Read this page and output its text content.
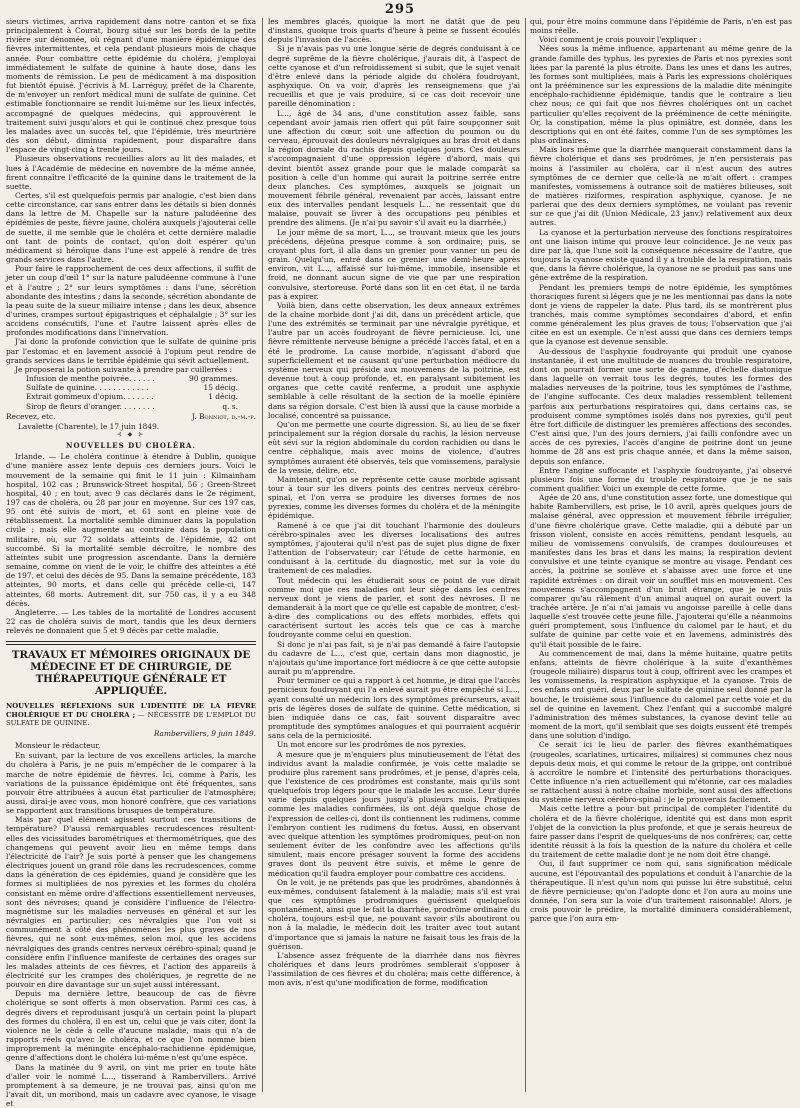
295

sieurs victimes, arriva rapidement dans notre canton et se fixa principalement à Courat, bourg situé sur les bords de la petite rivière sur dénomée, où régnant d'une manière épidémique des fièvres intermittentes, et cela pendant plusieurs mois de chaque année. Pour combattre cette épidémie du choléra, j'employai immédiatement le sulfate de quinine à haute dose, dans les moments de rémission. Le peu de médicament à ma disposition fut bientôt épuisé. J'écrivis à M. Larréguy, préfet de la Charente, de m'envoyer un renfort médical muni de sulfate de quinine. Cet estimable fonctionnaire se rendit lui-même sur les lieux infectés, accompagné de quelques médecins, qui approuvèrent le traitement suivi jusqu'alors et qui le continué chez presque tous les malades avec un succès tel, que l'épidémie, très meurtrière dès son début, diminua rapidement, pour disparaître dans l'espace de vingt-cinq à trente jours.

Plusieurs observations recueillies alors au lit des malades, et lues à l'Académie de médecine en novembre de la même année, firent connaître l'efficacité de la quinine dans le traitement de la suette.

Certes, s'il est quelquefois permis par analogie, c'est bien dans cette circonstance, car sans entrer dans les détails si bien donnés dans la lettre de M. Chapelle sur la nature paludéenne des épidémies de peste, fièvre jaune, choléra auxquels j'ajouterai celle de suette, il me semble que le choléra et cette dernière maladie ont tant de points de contact, qu'on doit espérer qu'un médicament si héroïque dans l'une est appelé à rendre de très grands services dans l'autre.

Pour faire le rapprochement de ces deux affections, il suffit de jeter un coup d'œil 1° sur la nature paludéenne commune à l'une et à l'autre ; 2° sur leurs symptômes : dans l'une, sécrétion abondante des intestins ; dans la seconde, sécrétion abondante de la peau suite de la sueur miliaire intense ; dans les deux, absence d'urines, crampes surtout épigastriques et céphalalgie ; 3° sur les accidens consécutifs, l'une et l'autre laissent après elles de profondes modifications dans l'innervation.

J'ai donc la profonde conviction que le sulfate de quinine pris par l'estomac et en lavement associé à l'opium peut rendre de grands services dans le terrible épidémie qui sévit actuellement.

Je proposerai la potion suivante à prendre par cuillerées :

Infusion de menthe poivrée. . . . . .	90 grammes.
Sulfate de quinine. . . . . . . . . . . .	15 décig.
Extrait gommeux d'opium. . . . . . .	1 décig.
Sirop de fleurs d'oranger. . . . . . . .	q. s.
Recevez, etc.	J. Bonniot, d.-m.-p.
Lavalette (Charente), le 17 juin 1849.
⊰ ◆ ⊱
NOUVELLES DU CHOLÉRA.

Irlande. — Le choléra continue à étendre à Dublin, quoique d'une manière assez lente depuis ces derniers jours. Voici le mouvement de la semaine qui finit le 11 juin : Kilmainham hospital, 102 cas ; Brunswick-Street hospital, 56 ; Green-Street hospital, 40 ; en tout, avec 9 cas déclarés dans le 2e régiment, 197 cas de choléra, ou 28 par jour en moyenne. Sur ces 197 cas, 95 ont été suivis de mort, et 61 sont en pleine voie de rétablissement. La mortalité semble diminuer dans la population civile ; mais elle augmente au contraire dans la population militaire, où, sur 72 soldats atteints de l'épidémie, 42 ont succombé. Si la mortalité semble décroître, le nombre des atteintes subit une progression ascendante. Dans la dernière semaine, comme on vient de le voir, le chiffre des atteintes a été de 197, et celui des décès de 95. Dans la semaine précédente, 183 atteintes, 90 morts, et dans celle qui précède celle-ci, 147 atteintes, 68 morts. Autrement dit, sur 750 cas, il y a eu 348 décès.

Angleterre. — Les tables de la mortalité de Londres accusent 22 cas de choléra suivis de mort, tandis que les deux derniers relevés ne donnaient que 5 et 9 décès par cette maladie.

TRAVAUX ET MÉMOIRES ORIGINAUX DE MÉDECINE ET DE CHIRURGIE, DE THÉRAPEUTIQUE GÉNÉRALE ET APPLIQUÉE.
NOUVELLES RÉFLEXIONS SUR L'IDENTITÉ DE LA FIÈVRE CHOLÉRIQUE ET DU CHOLÉRA ; — NÉCESSITÉ DE L'EMPLOI DU SULFATE DE QUININE.
Rambervillers, 9 juin 1849.

Monsieur le rédacteur,

En suivant, par la lecture de vos excellens articles, la marche du choléra à Paris, je ne puis m'empêcher de le comparer à la marche de notre épidémie de fièvres. Ici, comme à Paris, les variations de la puissance épidémique ont été fréquentes, sans pouvoir être attribuées à aucun état particulier de l'atmosphère; aussi, dirai-je avec vous, mon honoré confrère, que ces variations se rapportent aux transitions brusques de température.

Mais par quel élément agissent surtout ces transitions de température? D'aussi remarquables recrudescences résultent-elles des vicissitudes barométriques et thermométriques, que des changemens qui peuvent avoir lieu en même temps dans l'électricité de l'air? Je suis porté à penser que les changemens électriques jouent un grand rôle dans les recrudescences, comme dans la génération de ces épidémies, quand je considère que les formes si multipliées de nos pyrexies et les formes du choléra consistant en même ordre d'affections essentiellement nerveuses, sont des névroses; quand je considère l'influence de l'électro-magnétisme sur les maladies nerveuses en général et sur les névralgies en particulier; ces névralgies que l'on voit si communément à côté des phénomènes les plus graves de nos fièvres, qui ne sont eux-mêmes, selon moi, que les accidens névralgiques des grands centres nerveux cérébro-spinal; quand je considère enfin l'influence manifeste de certaines des orages sur les malades atteints de ces fièvres, et l'action des appareils à électricité sur les crampes des cholériques, je regrette de ne pouvoir en dire davantage sur un sujet aussi intéressant.

Depuis ma dernière lettre, beaucoup de cas de fièvre cholérique se sont offerts à mon observation. Parmi ces cas, à degrés divers et reproduisant jusqu'à un certain point la plupart des formes du choléra, il en est un, celui que je vais citer, dont la violence ne le cède à celle d'aucune maladie, mais qui n'a de rapports réels qu'avec le choléra, et ce que l'on nomme bien improprement la méningite encéphalo-rachidienne épidémique, genre d'affections dont le choléra lui-même n'est qu'une espèce.

Dans la matinée du 9 avril, on vint me prier en toute hâte d'aller voir le nommé L..., tisserand à Rambervillers. Arrivé promptement à sa demeure, je ne trouvai pas, ainsi qu'on me l'avait dit, un moribond, mais un cadavre avec cyanose, le visage et

les membres glacés, quoique la mort ne datât que de peu d'instans, quoique trois quarts d'heure à peine se fussent écoulés depuis l'invasion de l'accès.

Si je n'avais pas vu une longue série de degrés conduisant à ce degré suprême de la fièvre cholérique, j'aurais dit, à l'aspect de cette cyanose et d'un refroidissement si subit, que le sujet venait d'être enlevé dans la période algide du choléra foudroyant, asphyxique. On va voir, d'après les renseignemens que j'ai recueillis et que je vais produire, si ce cas doit recevoir une pareille dénomination :

L..., âgé de 34 ans, d'une constitution assez faible, sans cependant avoir jamais rien offert qui pût faire soupçonner soit une affection du cœur, soit une affection du poumon ou du cerveau, éprouvait des douleurs névralgiques au bras droit et dans la région dorsale du rachis depuis quelques jours. Ces douleurs s'accompagnaient d'une oppression légère d'abord, mais qui devint bientôt assez grande pour que le malade comparât sa position à celle d'un homme qui aurait la poitrine serrée entre deux planches. Ces symptômes, auxquels se joignait un mouvement fébrile général, revenaient par accès, laissant entre eux des intervalles pendant lesquels L... ne ressentait que du malaise, pouvait se livrer à des occupations peu pénibles et prendre des alimens. (Je n'ai pu savoir s'il avait eu la diarrhée.)

Le jour même de sa mort, L..., se trouvant mieux que les jours précédens, déjeûna presque comme à son ordinaire; puis, se croyant plus fort, il alla dans un grenier pour vanner un peu de grain. Quelqu'un, entré dans ce grenier une demi-heure après environ, vit L..., affaissé sur lui-même, immobile, insensible et froid, ne donnant aucun signe de vie que par une respiration convulsive, stertoreuse. Porté dans son lit en cet état, il ne tarda pas à expirer.

Voilà bien, dans cette observation, les deux anneaux extrêmes de la chaîne morbide dont j'ai dit, dans un précédent article, que l'une des extrémités se terminait par une névralgie pyrétique, et l'autre par un accès foudroyant de fièvre pernicieuse. Ici, une fièvre rémittente nerveuse bénigne a précédé l'accès fatal, et en a été le prodrome. La cause morbide, n'agissant d'abord que superficiellement et ne causant qu'une perturbation médiocre du système nerveux qui préside aux mouvemens de la poitrine, est devenue tout à coup profonde, et, en paralysant subitement les organes que cette cavité renferme, a produit une asphyxie semblable à celle résultant de la section de la moelle épinière dans sa région dorsale. C'est bien là aussi que la cause morbide a localisé, concentré sa puissance.

Qu'on me permette une courte digression. Si, au lieu de se fixer principalement sur la région dorsale du rachis, la lésion nerveuse eût sévi sur la région abdominale du cordon rachidien ou dans le centre céphalique, mais avec moins de violence, d'autres symptômes auraient été observés, tels que vomissemens, paralysie de la vessie, délire, etc.

Maintenant, qu'on se représente cette cause morbide agissant tour à tour sur les divers points des centres nerveux cérébro-spinal, et l'on verra se produire les diverses formes de nos pyrexies, comme les diverses formes du choléra et de la méningite épidémique.

Ramené à ce que j'ai dit touchant l'harmonie des douleurs cérébro-spinales avec les diverses localisations des autres symptômes, j'ajouterai qu'il n'est pas de sujet plus digne de fixer l'attention de l'observateur; car l'étude de cette harmonie, en conduisant à la certitude du diagnostic, met sur la voie du traitement de ces maladies.

Tout médecin qui les étudierait sous ce point de vue dirait comme moi que ces maladies ont leur siège dans les centres nerveux dont je viens de parler, et sont des névroses. Il ne demanderait à la mort que ce qu'elle est capable de montrer, c'est-à-dire des complications ou des effets morbides, effets qui caractérisent surtout les accès tels que ce cas à marche foudroyante comme celui en question.

Si donc je n'ai pas fait, si je n'ai pas demandé à faire l'autopsie du cadavre de L..., c'est que, certain dans mon diagnostic, je n'ajoutais qu'une importance fort médiocre à ce que cette autopsie aurait pu m'apprendre.

Pour terminer ce qui a rapport à cet homme, je dirai que l'accès pernicieux foudroyant qui l'a enlevé aurait pu être empêché si L..., ayant consulté un médecin lors des symptômes précurseurs, avait pris de légères doses de sulfate de quinine. Cette médication, si bien indiquée dans ce cas, fait souvent disparaître avec promptitude des symptômes analogues et qui pourraient acquérir sans cela de la perniciosité.

Un mot encore sur les prodrômes de nos pyrexies.

A mesure que je m'enquiers plus minutieusement de l'état des individus avant la maladie confirmée, je vois cette maladie se produire plus rarement sans prodrômes, et je pense, d'après cela, que l'existence de ces prodrômes est constante, mais qu'ils sont quelquefois trop légers pour que le malade les accuse. Leur durée varie depuis quelques jours jusqu'à plusieurs mois. Pratiques comme les maladies confirmées, ils ont déjà quelque chose de l'expression de celles-ci, dont ils contiennent les rudimens, comme l'embryon contient les rudimens du fœtus. Aussi, en observant avec quelque attention les symptômes prodromiques, peut-on non seulement éviter de les confondre avec les affections qu'ils simulent, mais encore présager souvent la forme des accidens graves dont ils peuvent être suivis, et même le genre de médication qu'il faudra employer pour combattre ces accidens.

On le voit, je ne prétends pas que les prodrômes, abandonnés à eux-mêmes, conduisent fatalement à la maladie; mais s'il est vrai que ces symptômes prodromiques guérissent quelquefois spontanément, ainsi que le fait la diarrhée, prodrôme ordinaire du choléra, toujours est-il que, ne pouvant savoir s'ils aboutiront ou non à la maladie, le médecin doit les traiter avec tout autant d'importance que si jamais la nature ne faisait tous les frais de la guérison.

L'absence assez fréquente de la diarrhée dans nos fièvres cholériques et dans leurs prodrômes semblerait s'opposer à l'assimilation de ces fièvres et du choléra; mais cette différence, à mon avis, n'est qu'une modification de forme, modification

qui, pour être moins commune dans l'épidémie de Paris, n'en est pas moins réelle.

Voici comment je crois pouvoir l'expliquer :

Nées sous la même influence, appartenant au même genre de la grande famille des typhus, les pyrexies de Paris et nos pyrexies sont liées par la parenté la plus étroite. Dans les unes et dans les autres, les formes sont multipliées, mais à Paris les expressions cholériques ont la prééminence sur les expressions de la maladie dite méningite encéphalo-rachidienne épidémique, tandis que le contraire a lieu chez nous; ce qui fait que nos fièvres cholériques ont un cachet particulier qu'elles reçoivent de la prééminence de cette méningite. Or, la constipation, même la plus opiniâtre, est donnée, dans les descriptions qui en ont été faites, comme l'un de ses symptômes les plus ordinaires.

Mais lors même que la diarrhée manquerait constamment dans la fièvre cholérique et dans ses prodrômes, je n'en persisterais pas moins à l'assimiler au choléra, car il n'est aucun des autres symptômes de ce dernier que celle-là ne m'ait offert : crampes manifestes, vomissemens à outrance soit de matières bilieuses, soit de matières riziformes, respiration asphyxique, cyanose. Je ne parlerai que des deux derniers symptômes, ne voulant pas revenir sur ce que j'ai dit (Union Médicale, 23 janv.) relativement aux deux autres.

La cyanose et la perturbation nerveuse des fonctions respiratoires ont une liaison intime qui prouve leur coïncidence. Je ne veux pas dire par là, que l'une soit la conséquence nécessaire de l'autre, que toujours la cyanose existe quand il y a trouble de la respiration, mais que, dans la fièvre cholérique, la cyanose ne se produit pas sans une gêne extrême de la respiration.

Pendant les premiers temps de notre épidémie, les symptômes thoraciques furent si légers que je ne les mentionnai pas dans la note dont je viens de rappeler la date. Plus tard, ils se montrèrent plus tranchés, mais comme symptômes secondaires d'abord, et enfin comme généralement les plus graves de tous; l'observation que j'ai citée en est un exemple. Ce n'est aussi que dans ces derniers temps que la cyanose est devenue sensible.

Au-dessous de l'asphyxie foudroyante qui produit une cyanose instantanée, il est une multitude de nuances du trouble respiratoire, dont on pourrait former une sorte de gamme, d'échelle diatonique dans laquelle on verrait tous les degrés, toutes les formes des maladies nerveuses de la poitrine, tous les symptômes de l'asthme, de l'angine suffocante. Ces deux maladies ressemblent tellement parfois aux perturbations respiratoires qui, dans certains cas, se produisent comme symptômes isolés dans nos pyrexies, qu'il peut être fort difficile de distinguer les premières affections des secondes. C'est ainsi que, l'un des jours derniers, j'ai failli confondre avec un accès de ces pyrexies, l'accès d'angine de poitrine dont un jeune homme de 28 ans est pris chaque année, et dans la même saison, depuis son enfance.

Entre l'angine suffocante et l'asphyxie foudroyante, j'ai observé plusieurs fois une forme du trouble respiratoire que je ne sais comment qualifier. Voici un exemple de cette forme.

Agée de 20 ans, d'une constitution assez forte, une domestique qui habite Rambervillers, est prise, le 10 avril, après quelques jours de malaise général, avec oppression et mouvement fébrile irrégulier, d'une fièvre cholérique grave. Cette maladie, qui a débuté par un frisson violent, consiste en accès rémittens, pendant lesquels, au milieu de vomissemens convulsifs, de crampes douloureuses et manifestes dans les bras et dans les mains; la respiration devient convulsive et une teinte cyanique se montre au visage. Pendant ces accès, la poitrine se soulève et s'abaisse avec une force et une rapidité extrêmes : on dirait voir un soufflet mis en mouvement. Ces mouvemens s'accompagnent d'un bruit étrange, que je ne puis comparer qu'au râlement d'un animal auquel on aurait ouvert la trachée artère. Je n'ai n'ai jamais vu angoisse pareille à celle dans laquelle s'est trouvée cette jeune fille. J'ajouterai qu'elle a néanmoins guéri promptement, sous l'influence du calomel par le haut, et du sulfate de quinine par cette voie et en lavemens, administrés dès qu'il était possible de le faire.

Au commencement de mai, dans la même huitaine, quatre petits enfans, atteints de fièvre cholérique à la suite d'exanthèmes (rougeole miliaire) disparus tout à coup, offrirent avec les crampes et les vomissemens, la respiration asphyxique et la cyanose. Trois de ces enfans ont guéri, deux par le sulfate de quinine seul donné par la bouche, le troisième sous l'influence du calomel par cette voie et du sel de quinine en lavement. Chez l'enfant qui a succombé malgré l'administration des mêmes substances, la cyanose devint telle au moment de la mort, qu'il semblait que ses doigts eussent été trempés dans une solution d'indigo.

Ce serait ici le lieu de parler des fièvres exanthématiques (rougeoles, scarlatines, urticaires, miliaires) si communes chez nous depuis deux mois, et qui comme le retour de la grippe, ont contribué à accroître le nombre et l'intensité des perturbations thoraciques. Cette influence n'a rien actuellement qui m'étonne, car ces maladies se rattachent aussi à notre chaîne morbide, sont aussi des affections du système nerveux cérébro-spinal : je le prouverais facilement.

Mais cette lettre a pour but principal de compléter l'identité du choléra et de la fièvre cholérique, identité qui est dans mon esprit l'objet de la conviction la plus profonde, et que je serais heureux de faire passer dans l'esprit de quelques-uns de nos confrères; car, cette identité réussit à la fois la question de la nature du choléra et celle du traitement de cette maladie dont je ne nom doit être changé.

Oui, il faut supprimer ce nom qui, sans signification médicale aucune, est l'épouvantail des populations et conduit à l'anarchie de la thérapeutique. Il n'est qu'un nom qui puisse lui être substitué, celui de fièvre pernicieuse; qu'on l'adopte donc et l'on aura au moins une donnée, l'on sera sur la voie d'un traitement raisonnable! Alors, je crois pouvoir le prédire, la mortalité diminuera considérablement, parce que l'on aura em-
